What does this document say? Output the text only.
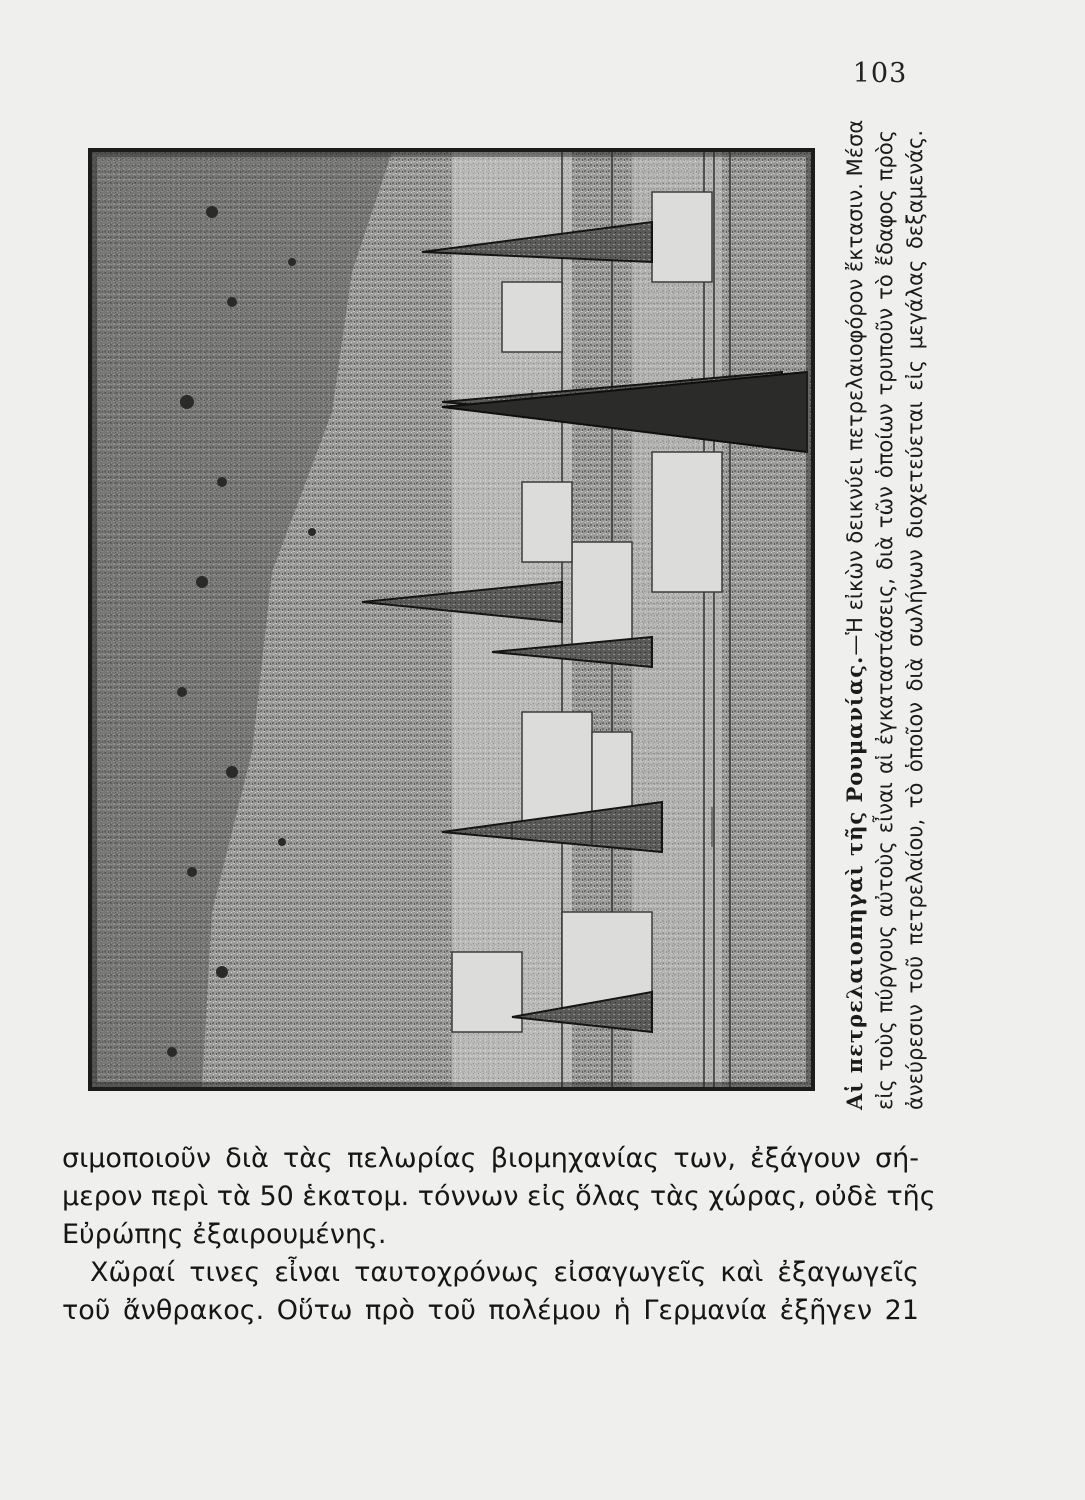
103

Αἱ πετρελαιοπηγαὶ τῆς Ρουμανίας.—Ἡ εἰκὼν δεικνύει πετρελαιοφόρον ἔκτασιν. Μέσα εἰς τοὺς πύργους αὐτοὺς εἶναι αἱ ἐγκαταστάσεις, διὰ τῶν ὁποίων τρυποῦν τὸ ἔδαφος πρὸς ἀνεύρεσιν τοῦ πετρελαίου, τὸ ὁποῖον διὰ σωλήνων διοχετεύεται εἰς μεγάλας δεξαμενάς.

σιμοποιοῦν διὰ τὰς πελωρίας βιομηχανίας των, ἐξάγουν σή-
μερον περὶ τὰ 50 ἑκατομ. τόννων εἰς ὅλας τὰς χώρας, οὐδὲ τῆς
Εὐρώπης ἐξαιρουμένης.
Χῶραί τινες εἶναι ταυτοχρόνως εἰσαγωγεῖς καὶ ἐξαγωγεῖς
τοῦ ἄνθρακος. Οὕτω πρὸ τοῦ πολέμου ἡ Γερμανία ἐξῆγεν 21
